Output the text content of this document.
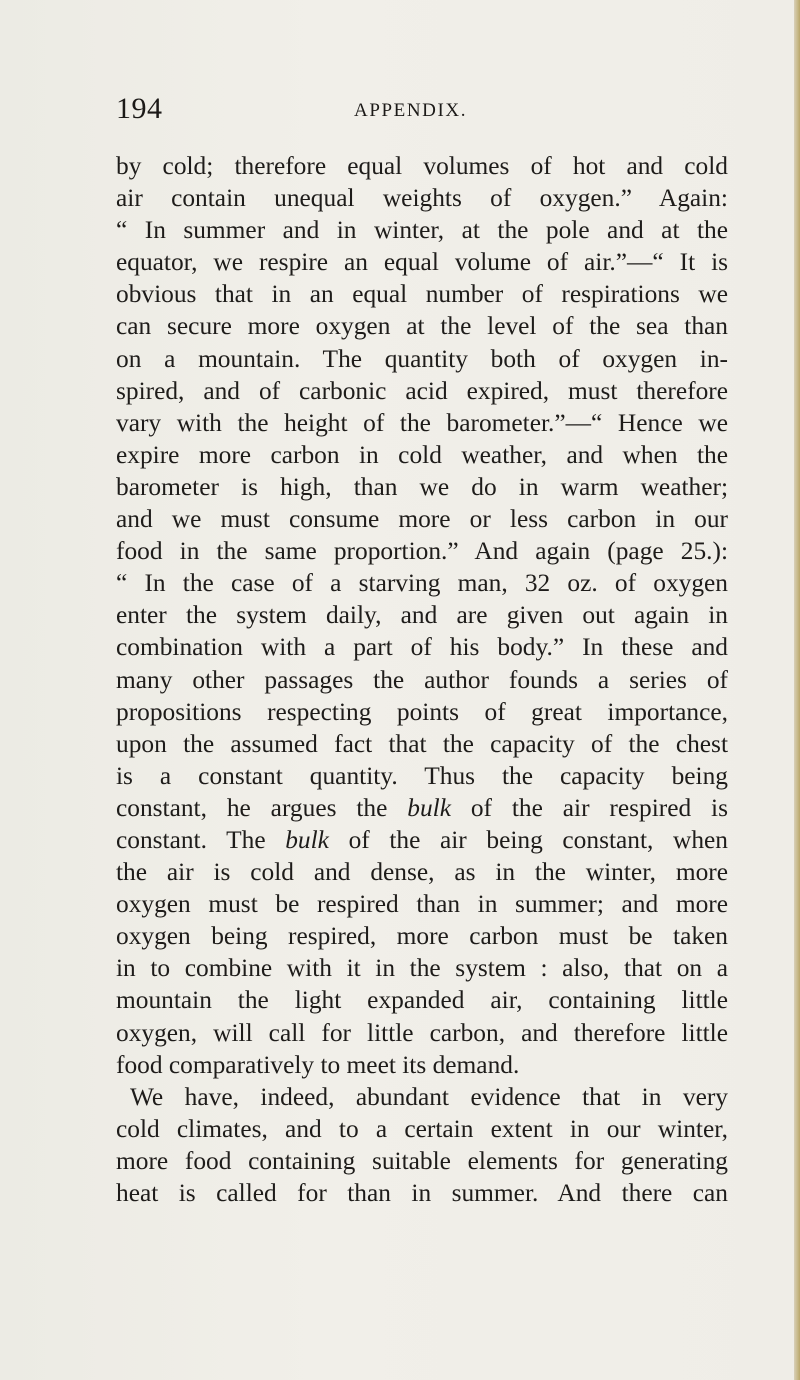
194	APPENDIX.
by cold; therefore equal volumes of hot and cold
air contain unequal weights of oxygen.” Again:
“ In summer and in winter, at the pole and at the
equator, we respire an equal volume of air.”—“ It is
obvious that in an equal number of respirations we
can secure more oxygen at the level of the sea than
on a mountain. The quantity both of oxygen in-
spired, and of carbonic acid expired, must therefore
vary with the height of the barometer.”—“ Hence we
expire more carbon in cold weather, and when the
barometer is high, than we do in warm weather;
and we must consume more or less carbon in our
food in the same proportion.” And again (page 25.):
“ In the case of a starving man, 32 oz. of oxygen
enter the system daily, and are given out again in
combination with a part of his body.” In these and
many other passages the author founds a series of
propositions respecting points of great importance,
upon the assumed fact that the capacity of the chest
is a constant quantity. Thus the capacity being
constant, he argues the bulk of the air respired is
constant. The bulk of the air being constant, when
the air is cold and dense, as in the winter, more
oxygen must be respired than in summer; and more
oxygen being respired, more carbon must be taken
in to combine with it in the system : also, that on a
mountain the light expanded air, containing little
oxygen, will call for little carbon, and therefore little
food comparatively to meet its demand.
We have, indeed, abundant evidence that in very
cold climates, and to a certain extent in our winter,
more food containing suitable elements for generating
heat is called for than in summer. And there can
